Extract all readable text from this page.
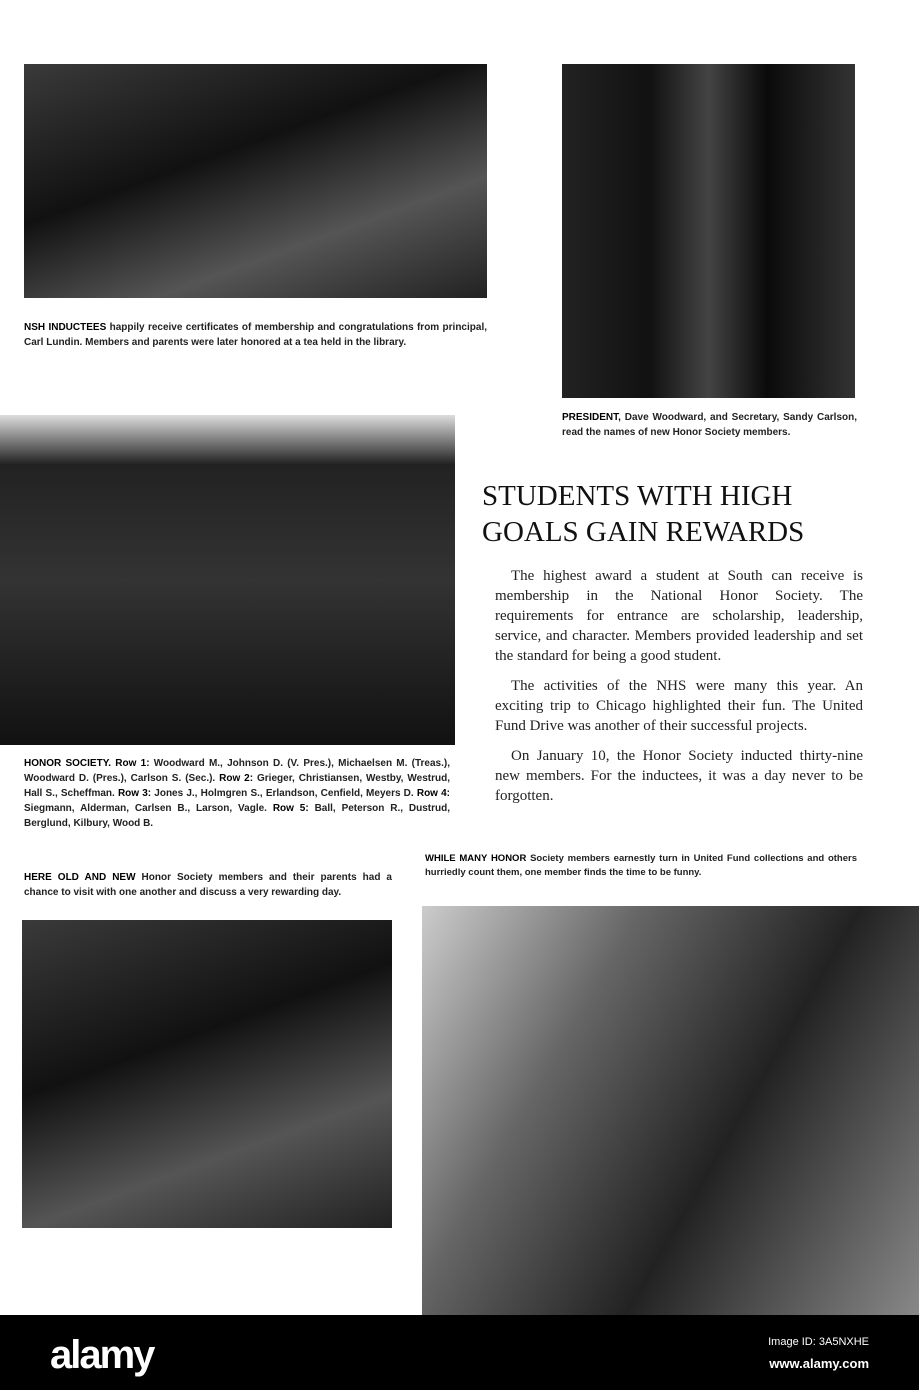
NSH INDUCTEES happily receive certificates of membership and congratulations from principal, Carl Lundin. Members and parents were later honored at a tea held in the library.
PRESIDENT, Dave Woodward, and Secretary, Sandy Carlson, read the names of new Honor Society members.
HONOR SOCIETY. Row 1: Woodward M., Johnson D. (V. Pres.), Michaelsen M. (Treas.), Woodward D. (Pres.), Carlson S. (Sec.). Row 2: Grieger, Christiansen, Westby, Westrud, Hall S., Scheffman. Row 3: Jones J., Holmgren S., Erlandson, Cenfield, Meyers D. Row 4: Siegmann, Alderman, Carlsen B., Larson, Vagle. Row 5: Ball, Peterson R., Dustrud, Berglund, Kilbury, Wood B.
HERE OLD AND NEW Honor Society members and their parents had a chance to visit with one another and discuss a very rewarding day.
WHILE MANY HONOR Society members earnestly turn in United Fund collections and others hurriedly count them, one member finds the time to be funny.
STUDENTS WITH HIGH GOALS GAIN REWARDS

The highest award a student at South can receive is membership in the National Honor Society. The requirements for entrance are scholarship, leadership, service, and character. Members provided leadership and set the standard for being a good student.

The activities of the NHS were many this year. An exciting trip to Chicago highlighted their fun. The United Fund Drive was another of their successful projects.

On January 10, the Honor Society inducted thirty-nine new members. For the inductees, it was a day never to be forgotten.

alamy	Image ID: 3A5NXHE
www.alamy.com
